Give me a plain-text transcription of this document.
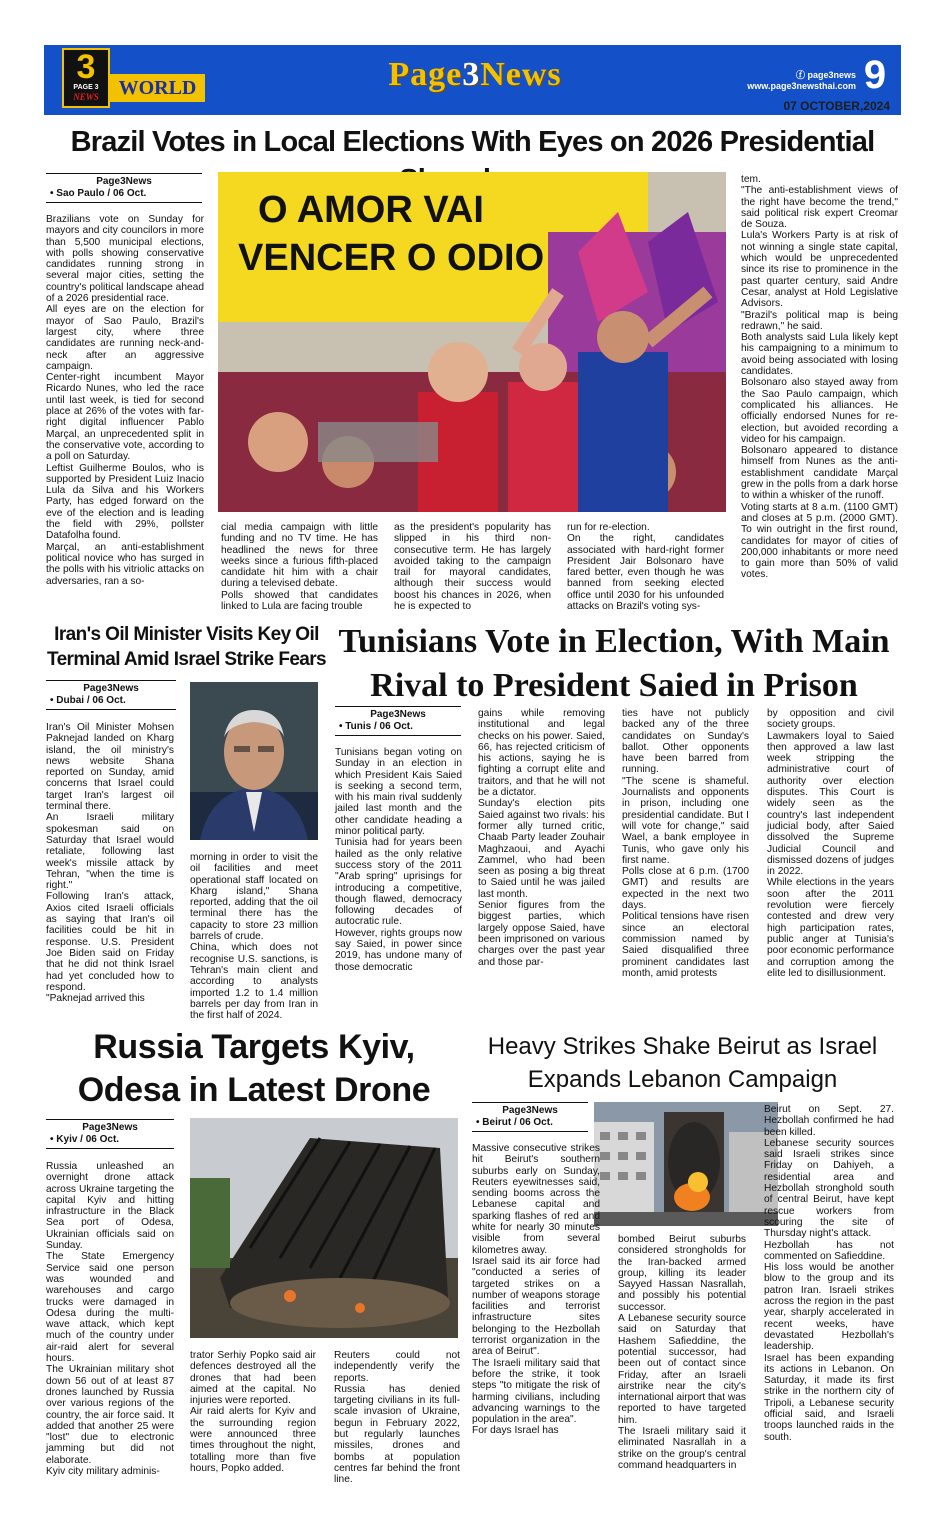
3
PAGE 3
NEWS WORLD	Page3News	ⓕ page3news
www.page3newsthai.com 9
07 OCTOBER,2024
Brazil Votes in Local Elections With Eyes on 2026 Presidential
Page3News
• Sao Paulo / 06 Oct.	O AMOR VAI
VENCER O ODIO
Brazilians vote on Sunday for mayors and city councilors in more than 5,500 municipal elections, with polls showing conservative candidates running strong in several major cities, setting the country's political landscape ahead of a 2026 presidential race.
All eyes are on the election for mayor of Sao Paulo, Brazil's largest city, where three candidates are running neck-and-neck after an aggressive campaign.
Center-right incumbent Mayor Ricardo Nunes, who led the race until last week, is tied for second place at 26% of the votes with far-right digital influencer Pablo Marçal, an unprecedented split in the conservative vote, according to a poll on Saturday.
Leftist Guilherme Boulos, who is supported by President Luiz Inacio Lula da Silva and his Workers Party, has edged forward on the eve of the election and is leading the field with 29%, pollster Datafolha found.
Marçal, an anti-establishment political novice who has surged in the polls with his vitriolic attacks on adversaries, ran a so-
cial media campaign with little funding and no TV time. He has headlined the news for three weeks since a furious fifth-placed candidate hit him with a chair during a televised debate.
Polls showed that candidates linked to Lula are facing trouble
as the president's popularity has slipped in his third non-consecutive term. He has largely avoided taking to the campaign trail for mayoral candidates, although their success would boost his chances in 2026, when he is expected to
run for re-election.
On the right, candidates associated with hard-right former President Jair Bolsonaro have fared better, even though he was banned from seeking elected office until 2030 for his unfounded attacks on Brazil's voting sys-
tem.
"The anti-establishment views of the right have become the trend," said political risk expert Creomar de Souza.
Lula's Workers Party is at risk of not winning a single state capital, which would be unprecedented since its rise to prominence in the past quarter century, said Andre Cesar, analyst at Hold Legislative Advisors.
"Brazil's political map is being redrawn," he said.
Both analysts said Lula likely kept his campaigning to a minimum to avoid being associated with losing candidates.
Bolsonaro also stayed away from the Sao Paulo campaign, which complicated his alliances. He officially endorsed Nunes for re-election, but avoided recording a video for his campaign.
Bolsonaro appeared to distance himself from Nunes as the anti-establishment candidate Marçal grew in the polls from a dark horse to within a whisker of the runoff.
Voting starts at 8 a.m. (1100 GMT) and closes at 5 p.m. (2000 GMT). To win outright in the first round, candidates for mayor of cities of 200,000 inhabitants or more need to gain more than 50% of valid votes.
Iran's Oil Minister Visits Key Oil Terminal Amid Israel Strike Fears
Page3News
• Dubai / 06 Oct.
Iran's Oil Minister Mohsen Paknejad landed on Kharg island, the oil ministry's news website Shana reported on Sunday, amid concerns that Israel could target Iran's largest oil terminal there.
An Israeli military spokesman said on Saturday that Israel would retaliate, following last week's missile attack by Tehran, "when the time is right."
Following Iran's attack, Axios cited Israeli officials as saying that Iran's oil facilities could be hit in response. U.S. President Joe Biden said on Friday that he did not think Israel had yet concluded how to respond.
"Paknejad arrived this
morning in order to visit the oil facilities and meet operational staff located on Kharg island," Shana reported, adding that the oil terminal there has the capacity to store 23 million barrels of crude.
China, which does not recognise U.S. sanctions, is Tehran's main client and according to analysts imported 1.2 to 1.4 million barrels per day from Iran in the first half of 2024.
Tunisians Vote in Election, With Main Rival to President Saied in Prison
Page3News
• Tunis / 06 Oct.
Tunisians began voting on Sunday in an election in which President Kais Saied is seeking a second term, with his main rival suddenly jailed last month and the other candidate heading a minor political party.
Tunisia had for years been hailed as the only relative success story of the 2011 "Arab spring" uprisings for introducing a competitive, though flawed, democracy following decades of autocratic rule.
However, rights groups now say Saied, in power since 2019, has undone many of those democratic
gains while removing institutional and legal checks on his power. Saied, 66, has rejected criticism of his actions, saying he is fighting a corrupt elite and traitors, and that he will not be a dictator.
Sunday's election pits Saied against two rivals: his former ally turned critic, Chaab Party leader Zouhair Maghzaoui, and Ayachi Zammel, who had been seen as posing a big threat to Saied until he was jailed last month.
Senior figures from the biggest parties, which largely oppose Saied, have been imprisoned on various charges over the past year and those par-
ties have not publicly backed any of the three candidates on Sunday's ballot. Other opponents have been barred from running.
"The scene is shameful. Journalists and opponents in prison, including one presidential candidate. But I will vote for change," said Wael, a bank employee in Tunis, who gave only his first name.
Polls close at 6 p.m. (1700 GMT) and results are expected in the next two days.
Political tensions have risen since an electoral commission named by Saied disqualified three prominent candidates last month, amid protests
by opposition and civil society groups.
Lawmakers loyal to Saied then approved a law last week stripping the administrative court of authority over election disputes. This Court is widely seen as the country's last independent judicial body, after Saied dissolved the Supreme Judicial Council and dismissed dozens of judges in 2022.
While elections in the years soon after the 2011 revolution were fiercely contested and drew very high participation rates, public anger at Tunisia's poor economic performance and corruption among the elite led to disillusionment.
Russia Targets Kyiv, Odesa in Latest Drone
Page3News
• Kyiv / 06 Oct.
Russia unleashed an overnight drone attack across Ukraine targeting the capital Kyiv and hitting infrastructure in the Black Sea port of Odesa, Ukrainian officials said on Sunday.
The State Emergency Service said one person was wounded and warehouses and cargo trucks were damaged in Odesa during the multi-wave attack, which kept much of the country under air-raid alert for several hours.
The Ukrainian military shot down 56 out of at least 87 drones launched by Russia over various regions of the country, the air force said. It added that another 25 were "lost" due to electronic jamming but did not elaborate.
Kyiv city military adminis-
trator Serhiy Popko said air defences destroyed all the drones that had been aimed at the capital. No injuries were reported.
Air raid alerts for Kyiv and the surrounding region were announced three times throughout the night, totalling more than five hours, Popko added.
Reuters could not independently verify the reports.
Russia has denied targeting civilians in its full-scale invasion of Ukraine, begun in February 2022, but regularly launches missiles, drones and bombs at population centres far behind the front line.
Heavy Strikes Shake Beirut as Israel Expands Lebanon Campaign
Page3News
• Beirut / 06 Oct.
Massive consecutive strikes hit Beirut's southern suburbs early on Sunday, Reuters eyewitnesses said, sending booms across the Lebanese capital and sparking flashes of red and white for nearly 30 minutes visible from several kilometres away.
Israel said its air force had "conducted a series of targeted strikes on a number of weapons storage facilities and terrorist infrastructure sites belonging to the Hezbollah terrorist organization in the area of Beirut".
The Israeli military said that before the strike, it took steps "to mitigate the risk of harming civilians, including advancing warnings to the population in the area".
For days Israel has
bombed Beirut suburbs considered strongholds for the Iran-backed armed group, killing its leader Sayyed Hassan Nasrallah, and possibly his potential successor.
A Lebanese security source said on Saturday that Hashem Safieddine, the potential successor, had been out of contact since Friday, after an Israeli airstrike near the city's international airport that was reported to have targeted him.
The Israeli military said it eliminated Nasrallah in a strike on the group's central command headquarters in
Beirut on Sept. 27. Hezbollah confirmed he had been killed.
Lebanese security sources said Israeli strikes since Friday on Dahiyeh, a residential area and Hezbollah stronghold south of central Beirut, have kept rescue workers from scouring the site of Thursday night's attack.
Hezbollah has not commented on Safieddine.
His loss would be another blow to the group and its patron Iran. Israeli strikes across the region in the past year, sharply accelerated in recent weeks, have devastated Hezbollah's leadership.
Israel has been expanding its actions in Lebanon. On Saturday, it made its first strike in the northern city of Tripoli, a Lebanese security official said, and Israeli troops launched raids in the south.
